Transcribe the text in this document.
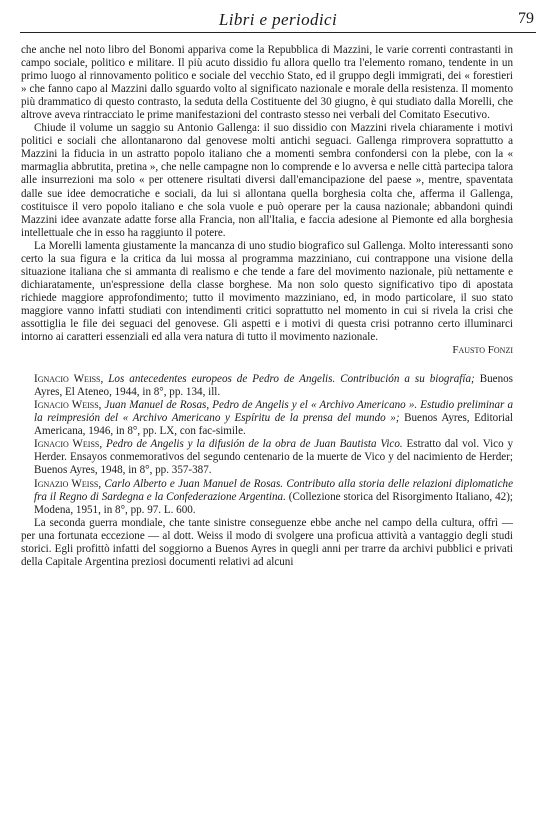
Libri e periodici	79

che anche nel noto libro del Bonomi appariva come la Repubblica di Mazzini, le varie correnti contrastanti in campo sociale, politico e militare. Il più acuto dissidio fu allora quello tra l'elemento romano, tendente in un primo luogo al rinnovamento politico e sociale del vecchio Stato, ed il gruppo degli immigrati, dei « forestieri » che fanno capo al Mazzini dallo sguardo volto al significato nazionale e morale della resistenza. Il momento più drammatico di questo contrasto, la seduta della Costituente del 30 giugno, è qui studiato dalla Morelli, che altrove aveva rintracciato le prime manifestazioni del contrasto stesso nei verbali del Comitato Esecutivo.

Chiude il volume un saggio su Antonio Gallenga: il suo dissidio con Mazzini rivela chiaramente i motivi politici e sociali che allontanarono dal genovese molti antichi seguaci. Gallenga rimprovera soprattutto a Mazzini la fiducia in un astratto popolo italiano che a momenti sembra confondersi con la plebe, con la « marmaglia abbrutita, pretina », che nelle campagne non lo comprende e lo avversa e nelle città partecipa talora alle insurrezioni ma solo « per ottenere risultati diversi dall'emancipazione del paese », mentre, spaventata dalle sue idee democratiche e sociali, da lui si allontana quella borghesia colta che, afferma il Gallenga, costituisce il vero popolo italiano e che sola vuole e può operare per la causa nazionale; abbandoni quindi Mazzini idee avanzate adatte forse alla Francia, non all'Italia, e faccia adesione al Piemonte ed alla borghesia intellettuale che in esso ha raggiunto il potere.

La Morelli lamenta giustamente la mancanza di uno studio biografico sul Gallenga. Molto interessanti sono certo la sua figura e la critica da lui mossa al programma mazziniano, cui contrappone una visione della situazione italiana che si ammanta di realismo e che tende a fare del movimento nazionale, più nettamente e dichiaratamente, un'espressione della classe borghese. Ma non solo questo significativo tipo di apostata richiede maggiore approfondimento; tutto il movimento mazziniano, ed, in modo particolare, il suo stato maggiore vanno infatti studiati con intendimenti critici soprattutto nel momento in cui si rivela la crisi che assottiglia le file dei seguaci del genovese. Gli aspetti e i motivi di questa crisi potranno certo illuminarci intorno ai caratteri essenziali ed alla vera natura di tutto il movimento nazionale.

Fausto Fonzi

Ignacio Weiss, Los antecedentes europeos de Pedro de Angelis. Contribución a su biografía; Buenos Ayres, El Ateneo, 1944, in 8°, pp. 134, ill.

Ignacio Weiss, Juan Manuel de Rosas, Pedro de Angelis y el « Archivo Americano ». Estudio preliminar a la reimpresión del « Archivo Americano y Espíritu de la prensa del mundo »; Buenos Ayres, Editorial Americana, 1946, in 8°, pp. LX, con fac-simile.

Ignacio Weiss, Pedro de Angelis y la difusión de la obra de Juan Bautista Vico. Estratto dal vol. Vico y Herder. Ensayos conmemorativos del segundo centenario de la muerte de Vico y del nacimiento de Herder; Buenos Ayres, 1948, in 8°, pp. 357-387.

Ignazio Weiss, Carlo Alberto e Juan Manuel de Rosas. Contributo alla storia delle relazioni diplomatiche fra il Regno di Sardegna e la Confederazione Argentina. (Collezione storica del Risorgimento Italiano, 42); Modena, 1951, in 8°, pp. 97. L. 600.

La seconda guerra mondiale, che tante sinistre conseguenze ebbe anche nel campo della cultura, offrì — per una fortunata eccezione — al dott. Weiss il modo di svolgere una proficua attività a vantaggio degli studi storici. Egli profittò infatti del soggiorno a Buenos Ayres in quegli anni per trarre da archivi pubblici e privati della Capitale Argentina preziosi documenti relativi ad alcuni
